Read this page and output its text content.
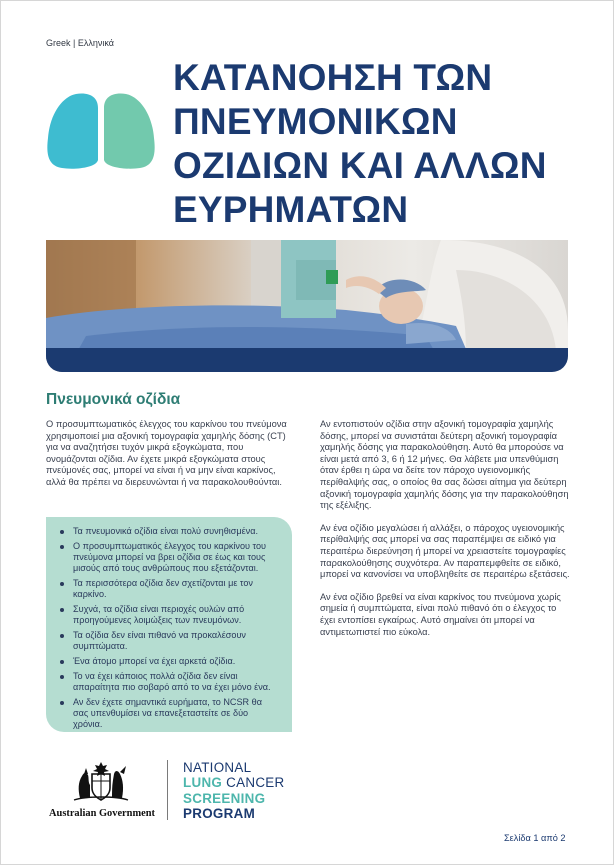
Greek | Ελληνικά
ΚΑΤΑΝΟΗΣΗ ΤΩΝ
ΠΝΕΥΜΟΝΙΚΩΝ
ΟΖΙΔΙΩΝ ΚΑΙ ΑΛΛΩΝ
ΕΥΡΗΜΑΤΩΝ
Πνευμονικά οζίδια

Ο προσυμπτωματικός έλεγχος του καρκίνου του πνεύμονα χρησιμοποιεί μια αξονική τομογραφία χαμηλής δόσης (CT) για να αναζητήσει τυχόν μικρά εξογκώματα, που ονομάζονται οζίδια. Αν έχετε μικρά εξογκώματα στους πνεύμονές σας, μπορεί να είναι ή να μην είναι καρκίνος, αλλά θα πρέπει να διερευνώνται ή να παρακολουθούνται.

Τα πνευμονικά οζίδια είναι πολύ συνηθισμένα.
Ο προσυμπτωματικός έλεγχος του καρκίνου του πνεύμονα μπορεί να βρει οζίδια σε έως και τους μισούς από τους ανθρώπους που εξετάζονται.
Τα περισσότερα οζίδια δεν σχετίζονται με τον καρκίνο.
Συχνά, τα οζίδια είναι περιοχές ουλών από προηγούμενες λοιμώξεις των πνευμόνων.
Τα οζίδια δεν είναι πιθανό να προκαλέσουν συμπτώματα.
Ένα άτομο μπορεί να έχει αρκετά οζίδια.
Το να έχει κάποιος πολλά οζίδια δεν είναι απαραίτητα πιο σοβαρό από το να έχει μόνο ένα.
Αν δεν έχετε σημαντικά ευρήματα, το NCSR θα σας υπενθυμίσει να επανεξεταστείτε σε δύο χρόνια.

Αν εντοπιστούν οζίδια στην αξονική τομογραφία χαμηλής δόσης, μπορεί να συνιστάται δεύτερη αξονική τομογραφία χαμηλής δόσης για παρακολούθηση. Αυτό θα μπορούσε να είναι μετά από 3, 6 ή 12 μήνες. Θα λάβετε μια υπενθύμιση όταν έρθει η ώρα να δείτε τον πάροχο υγειονομικής περίθαλψής σας, ο οποίος θα σας δώσει αίτημα για δεύτερη αξονική τομογραφία χαμηλής δόσης για την παρακολούθηση της εξέλιξης.

Αν ένα οζίδιο μεγαλώσει ή αλλάξει, ο πάροχος υγειονομικής περίθαλψής σας μπορεί να σας παραπέμψει σε ειδικό για περαιτέρω διερεύνηση ή μπορεί να χρειαστείτε τομογραφίες παρακολούθησης συχνότερα. Αν παραπεμφθείτε σε ειδικό, μπορεί να κανονίσει να υποβληθείτε σε περαιτέρω εξετάσεις.

Αν ένα οζίδιο βρεθεί να είναι καρκίνος του πνεύμονα χωρίς σημεία ή συμπτώματα, είναι πολύ πιθανό ότι ο έλεγχος το έχει εντοπίσει εγκαίρως. Αυτό σημαίνει ότι μπορεί να αντιμετωπιστεί πιο εύκολα.

Australian Government
NATIONAL
LUNG CANCER
SCREENING
PROGRAM
Σελίδα 1 από 2
